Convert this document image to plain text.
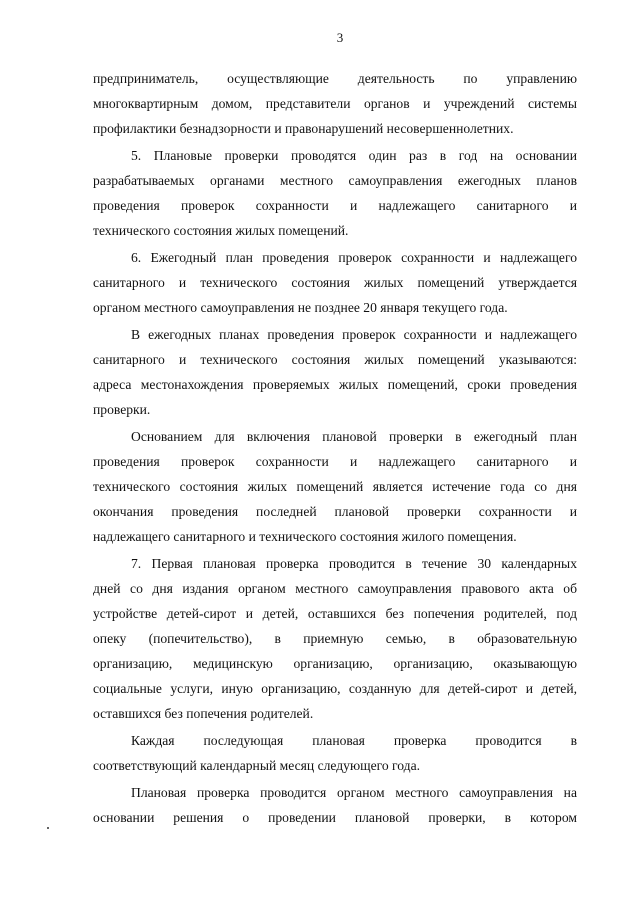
3
предприниматель, осуществляющие деятельность по управлению
многоквартирным домом, представители органов и учреждений системы
профилактики безнадзорности и правонарушений несовершеннолетних.
5. Плановые проверки проводятся один раз в год на основании
разрабатываемых органами местного самоуправления ежегодных планов
проведения проверок сохранности и надлежащего санитарного и
технического состояния жилых помещений.
6. Ежегодный план проведения проверок сохранности и надлежащего
санитарного и технического состояния жилых помещений утверждается
органом местного самоуправления не позднее 20 января текущего года.
В ежегодных планах проведения проверок сохранности и надлежащего
санитарного и технического состояния жилых помещений указываются:
адреса местонахождения проверяемых жилых помещений, сроки проведения
проверки.
Основанием для включения плановой проверки в ежегодный план
проведения проверок сохранности и надлежащего санитарного и
технического состояния жилых помещений является истечение года со дня
окончания проведения последней плановой проверки сохранности и
надлежащего санитарного и технического состояния жилого помещения.
7. Первая плановая проверка проводится в течение 30 календарных
дней со дня издания органом местного самоуправления правового акта об
устройстве детей-сирот и детей, оставшихся без попечения родителей, под
опеку (попечительство), в приемную семью, в образовательную
организацию, медицинскую организацию, организацию, оказывающую
социальные услуги, иную организацию, созданную для детей-сирот и детей,
оставшихся без попечения родителей.
Каждая последующая плановая проверка проводится в
соответствующий календарный месяц следующего года.
Плановая проверка проводится органом местного самоуправления на
основании решения о проведении плановой проверки, в котором
